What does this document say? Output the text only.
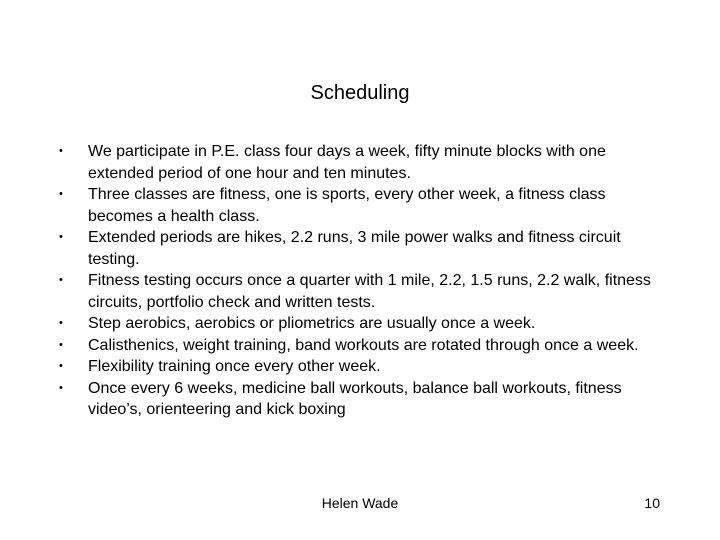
Scheduling
• We participate in P.E. class four days a week, fifty minute blocks with one extended period of one hour and ten minutes.
• Three classes are fitness, one is sports, every other week, a fitness class becomes a health class.
• Extended periods are hikes, 2.2 runs, 3 mile power walks and fitness circuit testing.
• Fitness testing occurs once a quarter with 1 mile, 2.2, 1.5 runs, 2.2 walk, fitness circuits, portfolio check and written tests.
• Step aerobics, aerobics or pliometrics are usually once a week.
• Calisthenics, weight training, band workouts are rotated through once a week.
• Flexibility training once every other week.
• Once every 6 weeks, medicine ball workouts, balance ball workouts, fitness video’s, orienteering and kick boxing
Helen Wade	10
